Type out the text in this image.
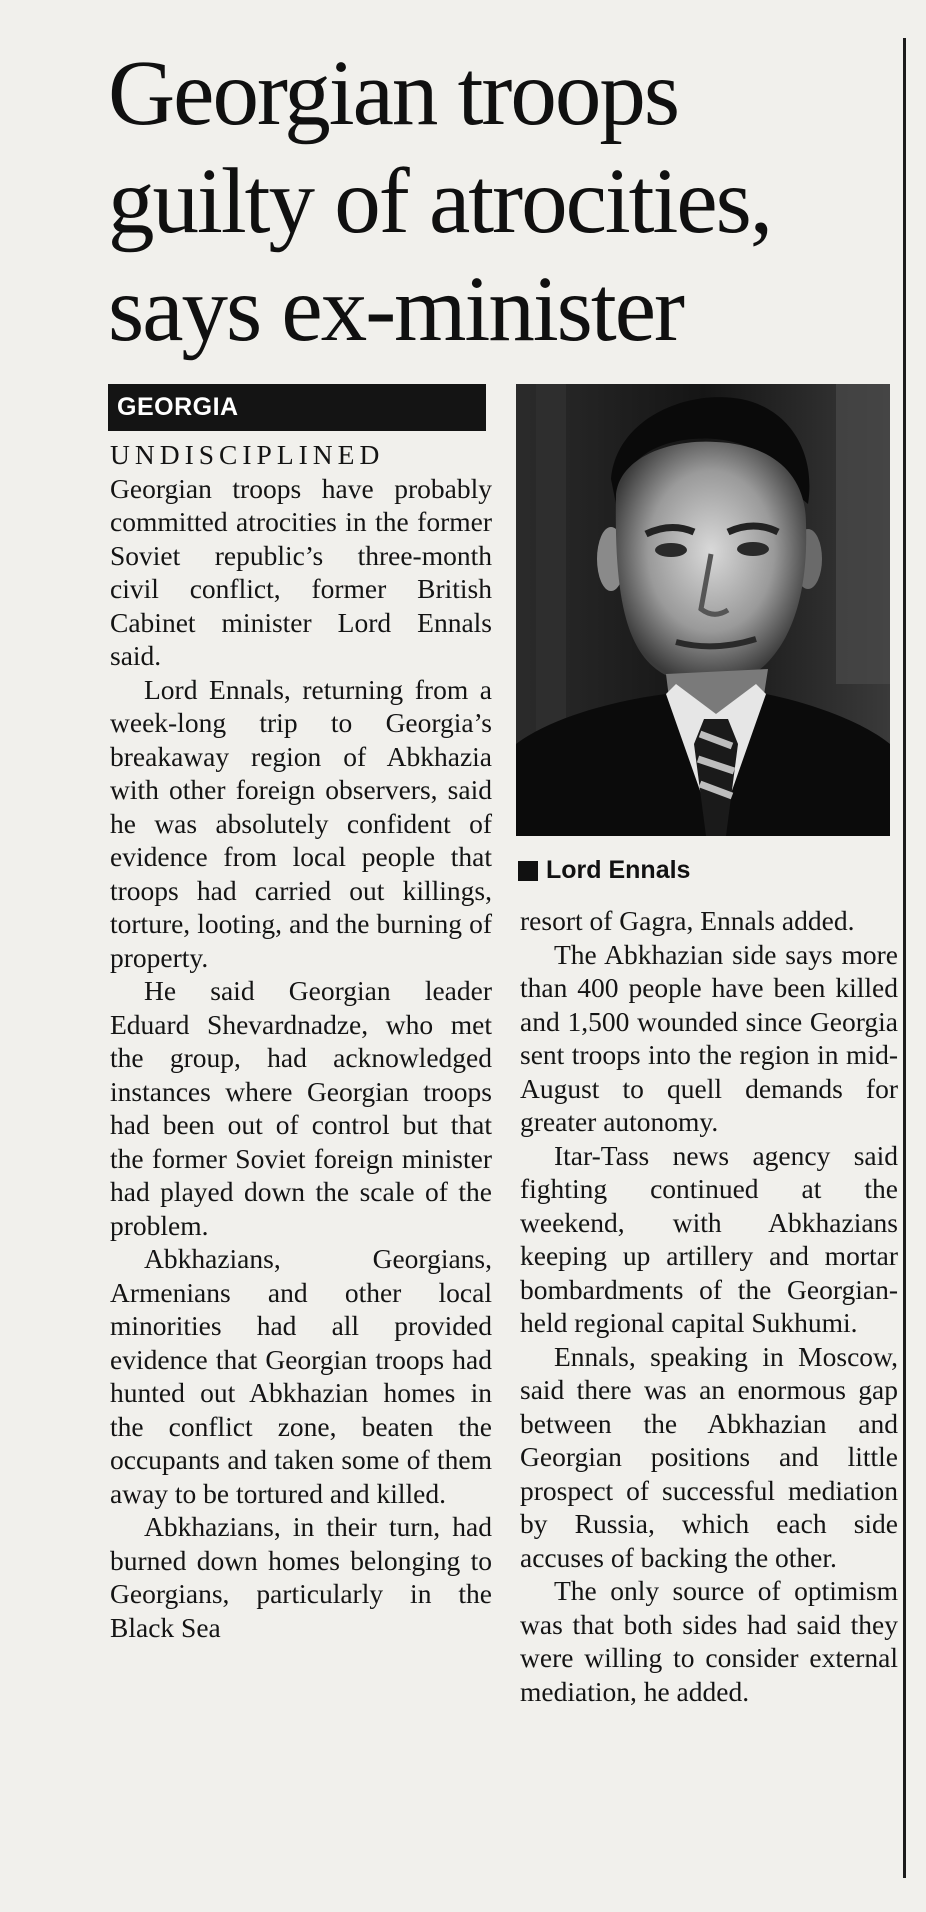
Georgian troops
guilty of atrocities,
says ex-minister
GEORGIA
Lord Ennals

UNDISCIPLINED Georgian troops have probably committed atrocities in the former Soviet republic’s three-month civil conflict, former British Cabinet minister Lord Ennals said.

Lord Ennals, returning from a week-long trip to Georgia’s breakaway region of Abkhazia with other foreign observers, said he was absolutely confident of evidence from local people that troops had carried out killings, torture, looting, and the burning of property.

He said Georgian leader Eduard Shevardnadze, who met the group, had acknowledged instances where Georgian troops had been out of control but that the former Soviet foreign minister had played down the scale of the problem.

Abkhazians, Georgians, Armenians and other local minorities had all provided evidence that Georgian troops had hunted out Abkhazian homes in the conflict zone, beaten the occupants and taken some of them away to be tortured and killed.

Abkhazians, in their turn, had burned down homes belonging to Georgians, particularly in the Black Sea

resort of Gagra, Ennals added.

The Abkhazian side says more than 400 people have been killed and 1,500 wounded since Georgia sent troops into the region in mid-August to quell demands for greater autonomy.

Itar-Tass news agency said fighting continued at the weekend, with Abkhazians keeping up artillery and mortar bombardments of the Georgian-held regional capital Sukhumi.

Ennals, speaking in Moscow, said there was an enormous gap between the Abkhazian and Georgian positions and little prospect of successful mediation by Russia, which each side accuses of backing the other.

The only source of optimism was that both sides had said they were willing to consider external mediation, he added.
